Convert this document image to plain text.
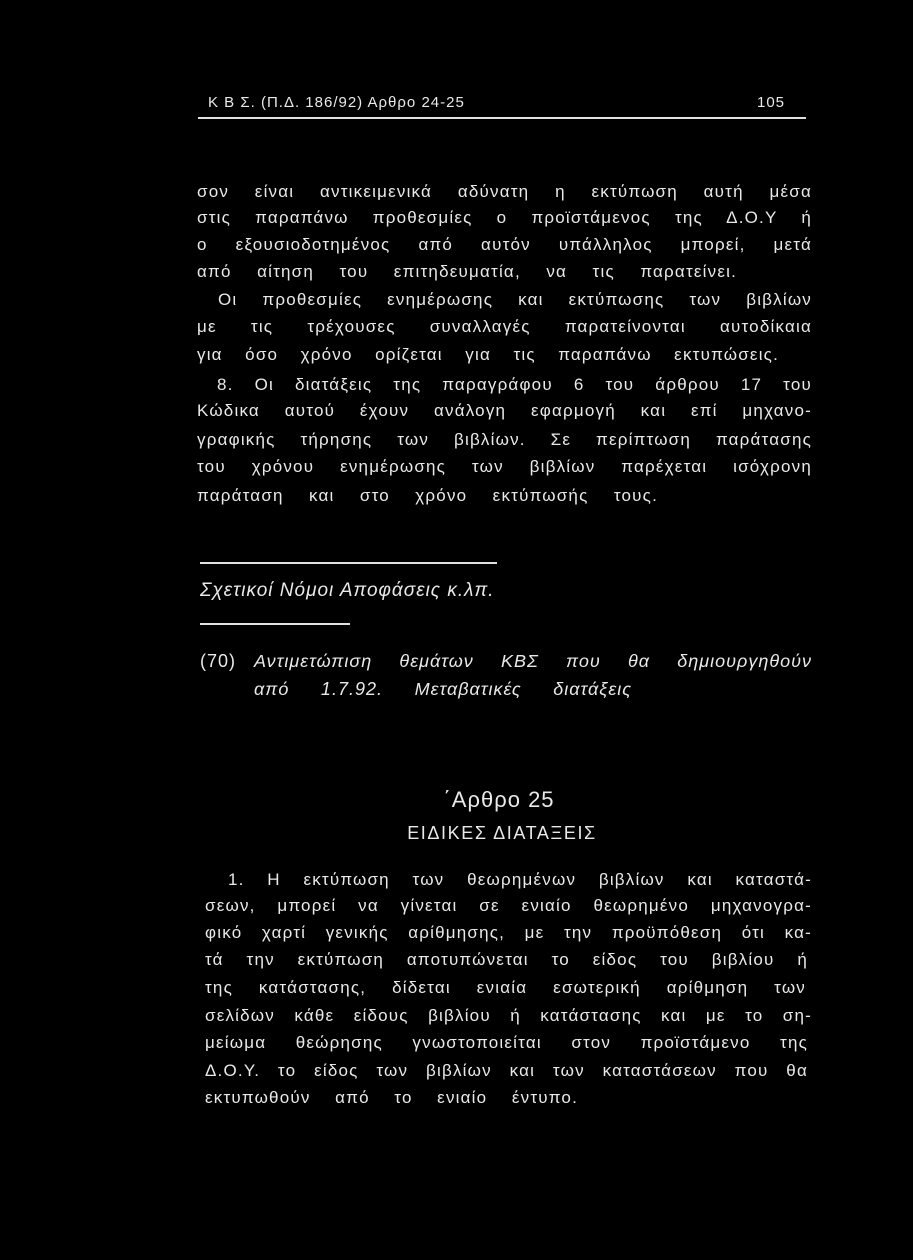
Κ Β Σ. (Π.Δ. 186/92) Αρθρο 24-25	105
σον είναι αντικειμενικά αδύνατη η εκτύπωση αυτή μέσα
στις παραπάνω προθεσμίες ο προϊστάμενος της Δ.Ο.Υ ή
ο εξουσιοδοτημένος από αυτόν υπάλληλος μπορεί, μετά
από αίτηση του επιτηδευματία, να τις παρατείνει.
Οι προθεσμίες ενημέρωσης και εκτύπωσης των βιβλίων
με τις τρέχουσες συναλλαγές παρατείνονται αυτοδίκαια
για όσο χρόνο ορίζεται για τις παραπάνω εκτυπώσεις.
8. Οι διατάξεις της παραγράφου 6 του άρθρου 17 του
Κώδικα αυτού έχουν ανάλογη εφαρμογή και επί μηχανο-
γραφικής τήρησης των βιβλίων. Σε περίπτωση παράτασης
του χρόνου ενημέρωσης των βιβλίων παρέχεται ισόχρονη
παράταση και στο χρόνο εκτύπωσής τους.
Σχετικοί Νόμοι Αποφάσεις κ.λπ.
(70) Αντιμετώπιση θεμάτων ΚΒΣ που θα δημιουργηθούν
από 1.7.92. Μεταβατικές διατάξεις
΄Αρθρο 25
ΕΙΔΙΚΕΣ ΔΙΑΤΑΞΕΙΣ
1. Η εκτύπωση των θεωρημένων βιβλίων και καταστά-
σεων, μπορεί να γίνεται σε ενιαίο θεωρημένο μηχανογρα-
φικό χαρτί γενικής αρίθμησης, με την προϋπόθεση ότι κα-
τά την εκτύπωση αποτυπώνεται το είδος του βιβλίου ή
της κατάστασης, δίδεται ενιαία εσωτερική αρίθμηση των
σελίδων κάθε είδους βιβλίου ή κατάστασης και με το ση-
μείωμα θεώρησης γνωστοποιείται στον προϊστάμενο της
Δ.Ο.Υ. το είδος των βιβλίων και των καταστάσεων που θα
εκτυπωθούν από το ενιαίο έντυπο.
